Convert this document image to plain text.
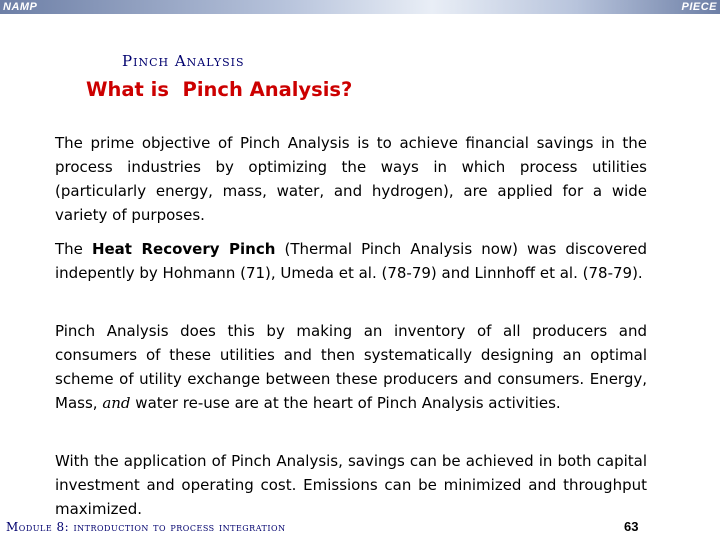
NAMP	PIECE
Pinch Analysis
What is  Pinch Analysis?

The prime objective of Pinch Analysis is to achieve financial savings in the process industries by optimizing the ways in which process utilities (particularly energy, mass, water, and hydrogen), are applied for a wide variety of purposes.

The Heat Recovery Pinch (Thermal Pinch Analysis now) was discovered indepently by Hohmann (71), Umeda et al. (78-79) and Linnhoff et al. (78-79).

Pinch Analysis does this by making an inventory of all producers and consumers of these utilities and then systematically designing an optimal scheme of utility exchange between these producers and consumers. Energy, Mass, and water re-use are at the heart of Pinch Analysis activities.

With the application of Pinch Analysis, savings can be achieved in both capital investment and operating cost. Emissions can be minimized and throughput maximized.

Module 8: introduction to process integration	63
